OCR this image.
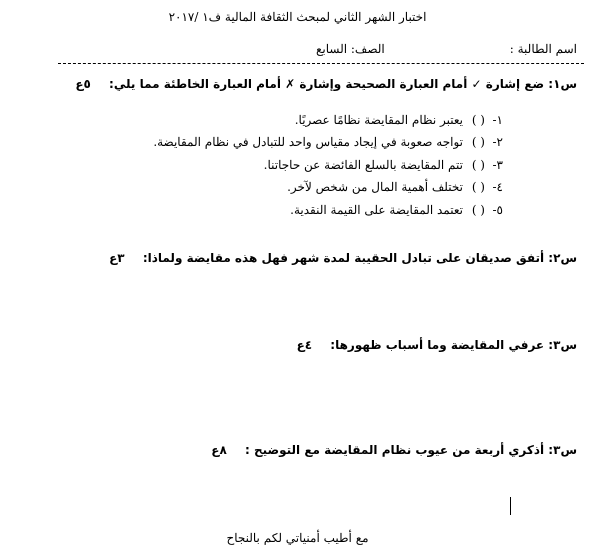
اختبار الشهر الثاني لمبحث الثقافة المالية ف١ /٢٠١٧
اسم الطالبة :
الصف: السابع
س١: ضع إشارة ✓ أمام العبارة الصحيحة وإشارة ✗ أمام العبارة الخاطئة مما يلي: ٥ع
١-( )يعتبر نظام المقايضة نظامًا عصريًا.
٢-( )تواجه صعوبة في إيجاد مقياس واحد للتبادل في نظام المقايضة.
٣-( )تتم المقايضة بالسلع الفائضة عن حاجاتنا.
٤-( )تختلف أهمية المال من شخص لآخر.
٥-( )تعتمد المقايضة على القيمة النقدية.
س٢: أتفق صديقان على تبادل الحقيبة لمدة شهر فهل هذه مقايضة ولماذا: ٣ع
س٣: عرفي المقايضة وما أسباب ظهورها: ٤ع
س٣: أذكري أربعة من عيوب نظام المقايضة مع التوضيح : ٨ع
مع أطيب أمنياتي لكم بالنجاح
